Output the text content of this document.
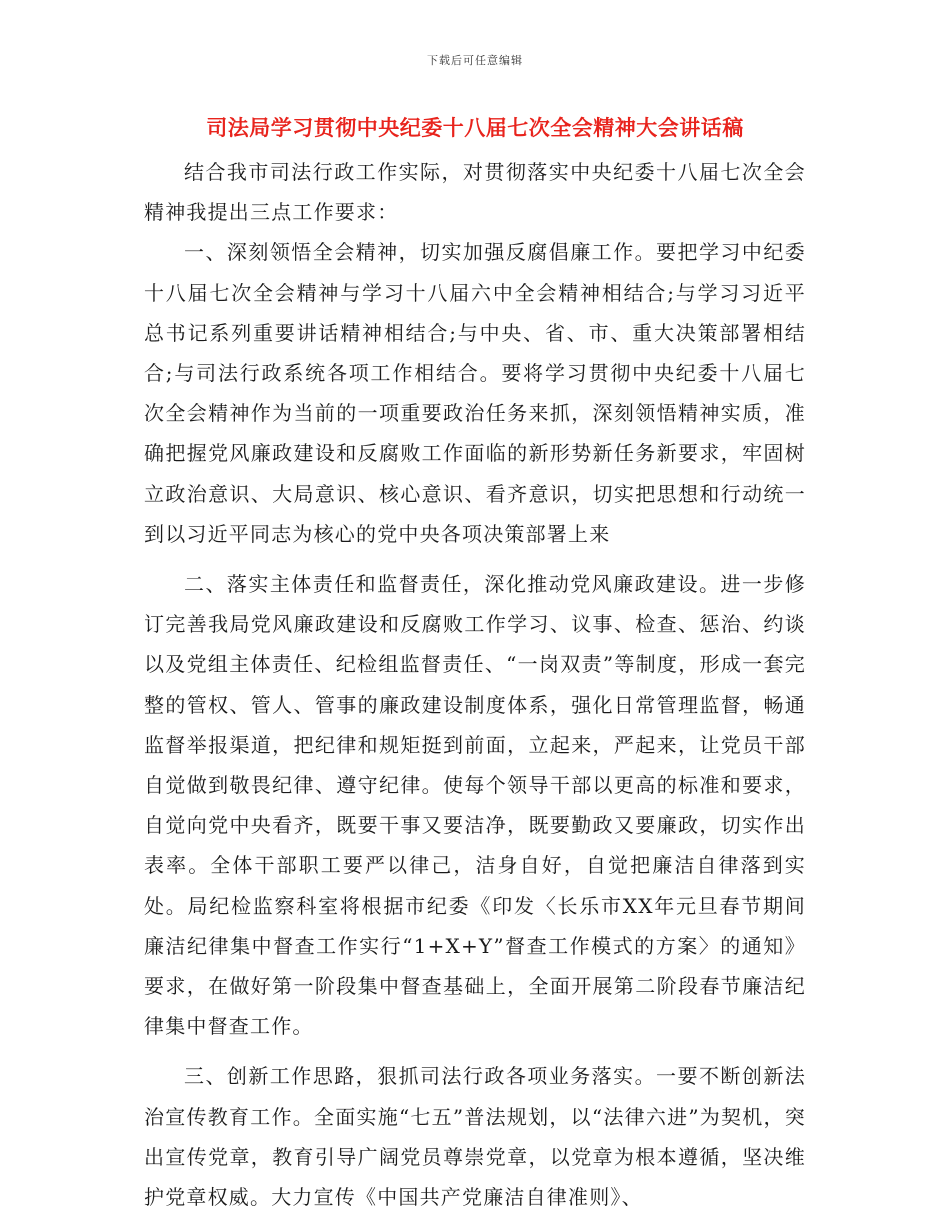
下载后可任意编辑
司法局学习贯彻中央纪委十八届七次全会精神大会讲话稿

结合我市司法行政工作实际，对贯彻落实中央纪委十八届七次全会精神我提出三点工作要求：

一、深刻领悟全会精神，切实加强反腐倡廉工作。要把学习中纪委十八届七次全会精神与学习十八届六中全会精神相结合;与学习习近平总书记系列重要讲话精神相结合;与中央、省、市、重大决策部署相结合;与司法行政系统各项工作相结合。要将学习贯彻中央纪委十八届七次全会精神作为当前的一项重要政治任务来抓，深刻领悟精神实质，准确把握党风廉政建设和反腐败工作面临的新形势新任务新要求，牢固树立政治意识、大局意识、核心意识、看齐意识，切实把思想和行动统一到以习近平同志为核心的党中央各项决策部署上来

二、落实主体责任和监督责任，深化推动党风廉政建设。进一步修订完善我局党风廉政建设和反腐败工作学习、议事、检查、惩治、约谈以及党组主体责任、纪检组监督责任、“一岗双责”等制度，形成一套完整的管权、管人、管事的廉政建设制度体系，强化日常管理监督，畅通监督举报渠道，把纪律和规矩挺到前面，立起来，严起来，让党员干部自觉做到敬畏纪律、遵守纪律。使每个领导干部以更高的标准和要求，自觉向党中央看齐，既要干事又要洁净，既要勤政又要廉政，切实作出表率。全体干部职工要严以律己，洁身自好，自觉把廉洁自律落到实处。局纪检监察科室将根据市纪委《印发〈长乐市XX年元旦春节期间廉洁纪律集中督查工作实行“1+X+Y”督查工作模式的方案〉的通知》要求，在做好第一阶段集中督查基础上，全面开展第二阶段春节廉洁纪律集中督查工作。

三、创新工作思路，狠抓司法行政各项业务落实。一要不断创新法治宣传教育工作。全面实施“七五”普法规划，以“法律六进”为契机，突出宣传党章，教育引导广阔党员尊崇党章，以党章为根本遵循，坚决维护党章权威。大力宣传《中国共产党廉洁自律准则》、
